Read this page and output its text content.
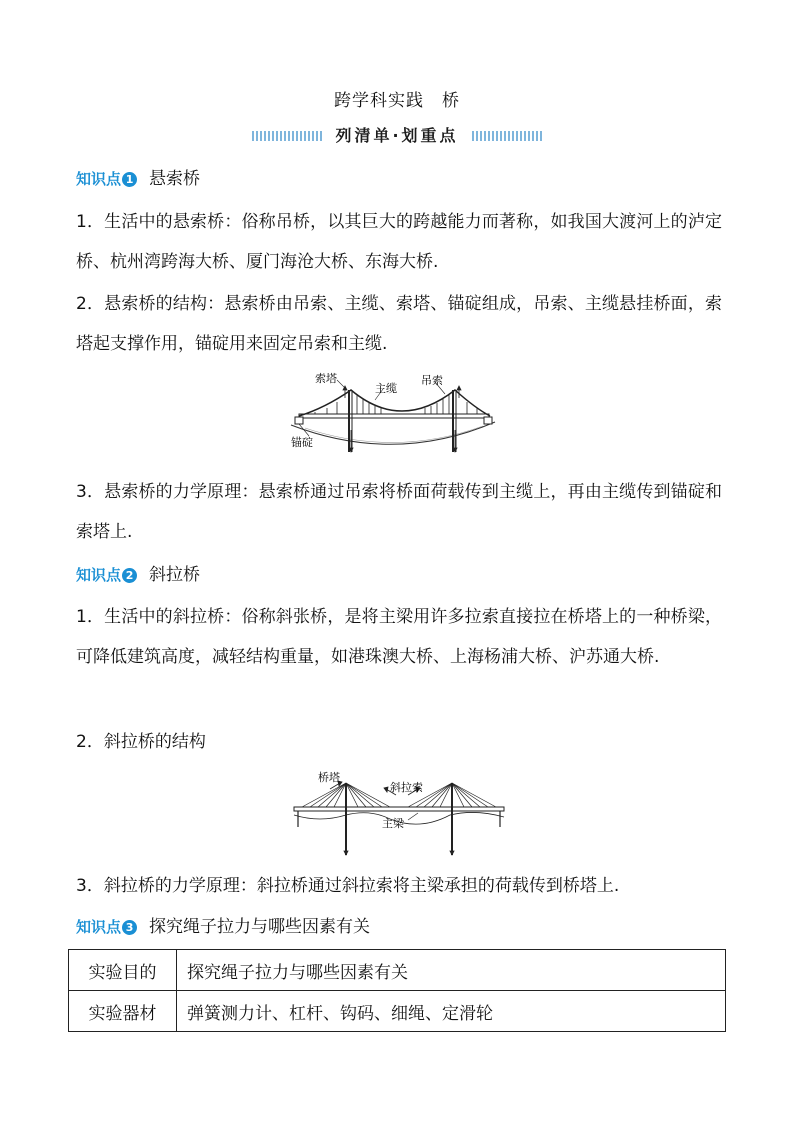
跨学科实践　桥
列清单·划重点
知识点 1 悬索桥
1．生活中的悬索桥：俗称吊桥，以其巨大的跨越能力而著称，如我国大渡河上的泸定桥、杭州湾跨海大桥、厦门海沧大桥、东海大桥.
2．悬索桥的结构：悬索桥由吊索、主缆、索塔、锚碇组成，吊索、主缆悬挂桥面，索塔起支撑作用，锚碇用来固定吊索和主缆.
索塔
主缆
吊索
锚碇
3．悬索桥的力学原理：悬索桥通过吊索将桥面荷载传到主缆上，再由主缆传到锚碇和索塔上.
知识点 2 斜拉桥
1．生活中的斜拉桥：俗称斜张桥，是将主梁用许多拉索直接拉在桥塔上的一种桥梁，可降低建筑高度，减轻结构重量，如港珠澳大桥、上海杨浦大桥、沪苏通大桥.
2．斜拉桥的结构
桥塔
斜拉索
主梁
3．斜拉桥的力学原理：斜拉桥通过斜拉索将主梁承担的荷载传到桥塔上.
知识点 3 探究绳子拉力与哪些因素有关
实验目的	探究绳子拉力与哪些因素有关
实验器材	弹簧测力计、杠杆、钩码、细绳、定滑轮
